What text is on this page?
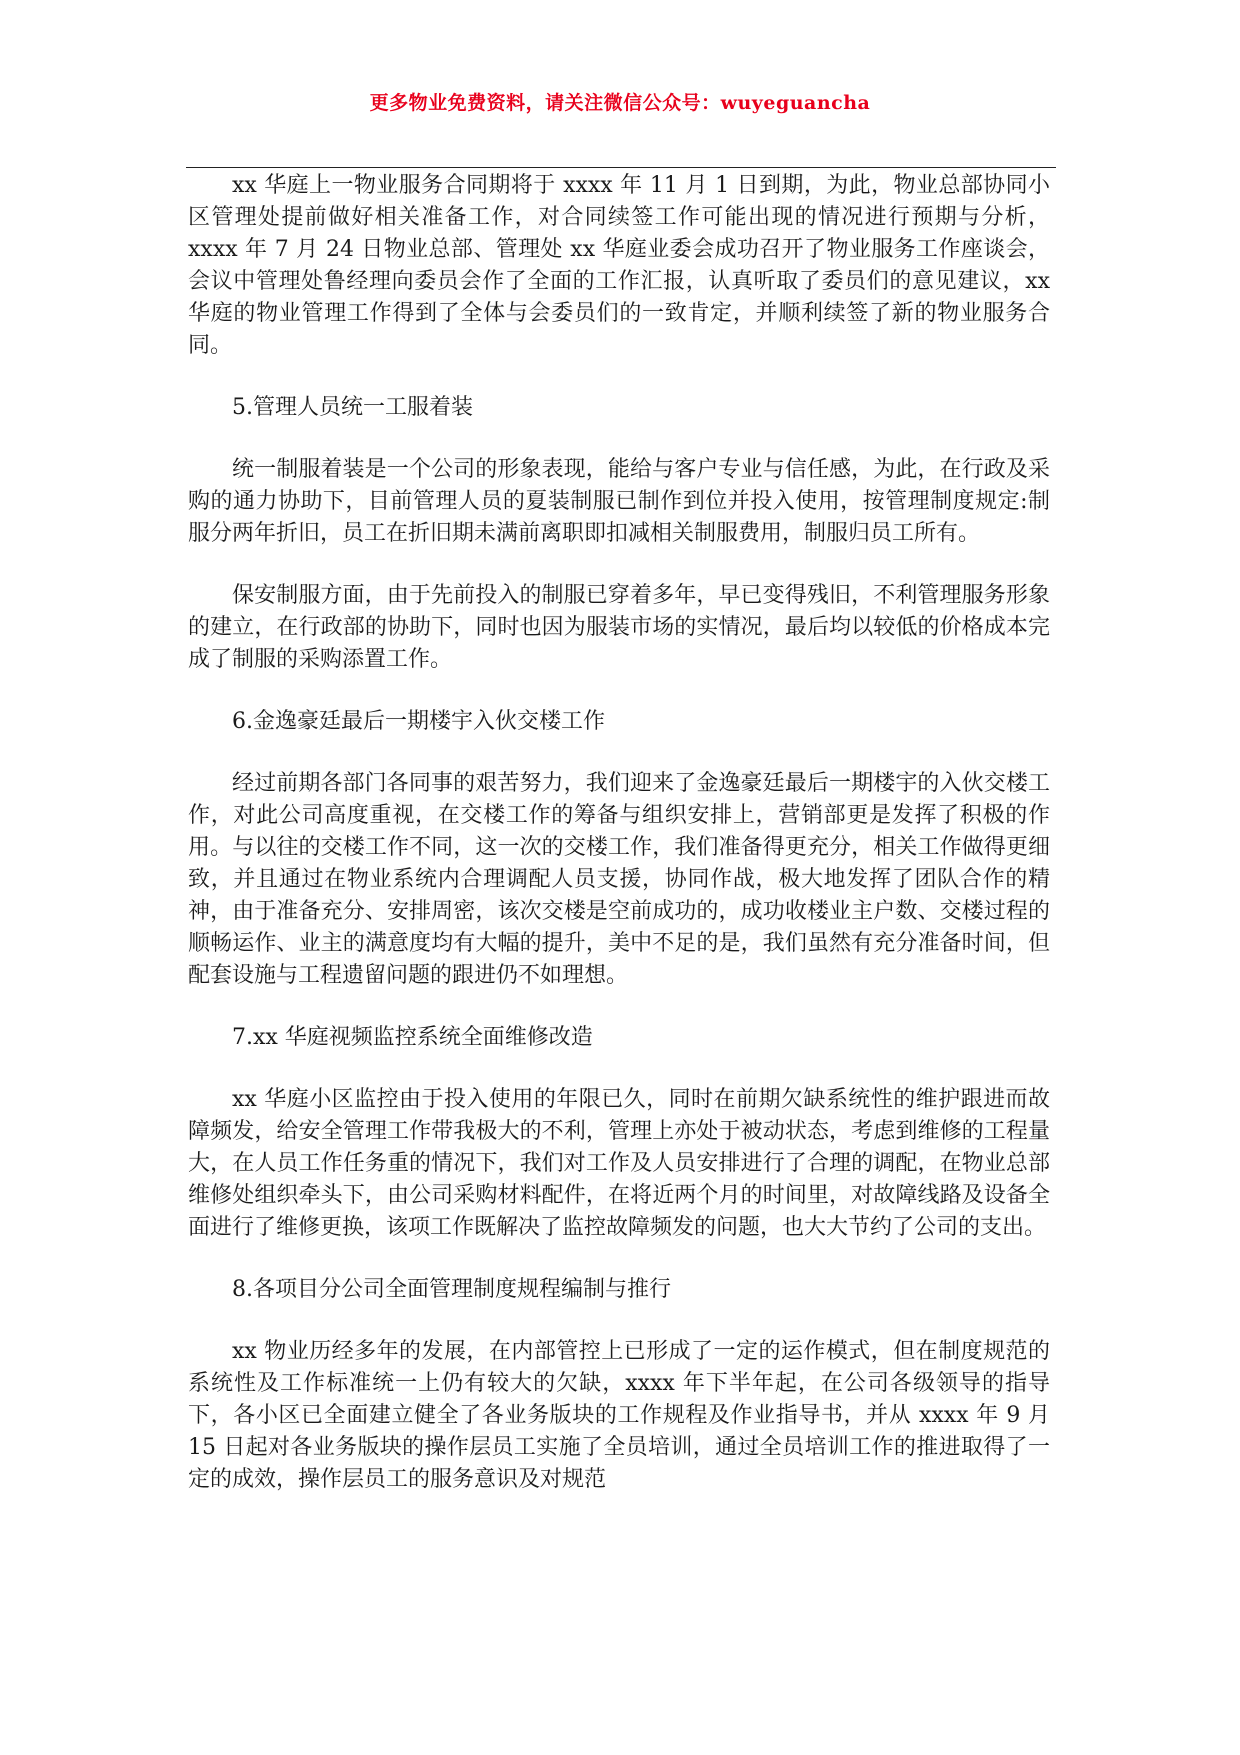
更多物业免费资料，请关注微信公众号：wuyeguancha

xx 华庭上一物业服务合同期将于 xxxx 年 11 月 1 日到期，为此，物业总部协同小区管理处提前做好相关准备工作，对合同续签工作可能出现的情况进行预期与分析，xxxx 年 7 月 24 日物业总部、管理处 xx 华庭业委会成功召开了物业服务工作座谈会，会议中管理处鲁经理向委员会作了全面的工作汇报，认真听取了委员们的意见建议，xx 华庭的物业管理工作得到了全体与会委员们的一致肯定，并顺利续签了新的物业服务合同。

5.管理人员统一工服着装

统一制服着装是一个公司的形象表现，能给与客户专业与信任感，为此，在行政及采购的通力协助下，目前管理人员的夏装制服已制作到位并投入使用，按管理制度规定:制服分两年折旧，员工在折旧期未满前离职即扣减相关制服费用，制服归员工所有。

保安制服方面，由于先前投入的制服已穿着多年，早已变得残旧，不利管理服务形象的建立，在行政部的协助下，同时也因为服装市场的实情况，最后均以较低的价格成本完成了制服的采购添置工作。

6.金逸豪廷最后一期楼宇入伙交楼工作

经过前期各部门各同事的艰苦努力，我们迎来了金逸豪廷最后一期楼宇的入伙交楼工作，对此公司高度重视，在交楼工作的筹备与组织安排上，营销部更是发挥了积极的作用。与以往的交楼工作不同，这一次的交楼工作，我们准备得更充分，相关工作做得更细致，并且通过在物业系统内合理调配人员支援，协同作战，极大地发挥了团队合作的精神，由于准备充分、安排周密，该次交楼是空前成功的，成功收楼业主户数、交楼过程的顺畅运作、业主的满意度均有大幅的提升，美中不足的是，我们虽然有充分准备时间，但配套设施与工程遗留问题的跟进仍不如理想。

7.xx 华庭视频监控系统全面维修改造

xx 华庭小区监控由于投入使用的年限已久，同时在前期欠缺系统性的维护跟进而故障频发，给安全管理工作带我极大的不利，管理上亦处于被动状态，考虑到维修的工程量大，在人员工作任务重的情况下，我们对工作及人员安排进行了合理的调配，在物业总部维修处组织牵头下，由公司采购材料配件，在将近两个月的时间里，对故障线路及设备全面进行了维修更换，该项工作既解决了监控故障频发的问题，也大大节约了公司的支出。

8.各项目分公司全面管理制度规程编制与推行

xx 物业历经多年的发展，在内部管控上已形成了一定的运作模式，但在制度规范的系统性及工作标准统一上仍有较大的欠缺，xxxx 年下半年起，在公司各级领导的指导下，各小区已全面建立健全了各业务版块的工作规程及作业指导书，并从 xxxx 年 9 月 15 日起对各业务版块的操作层员工实施了全员培训，通过全员培训工作的推进取得了一定的成效，操作层员工的服务意识及对规范
